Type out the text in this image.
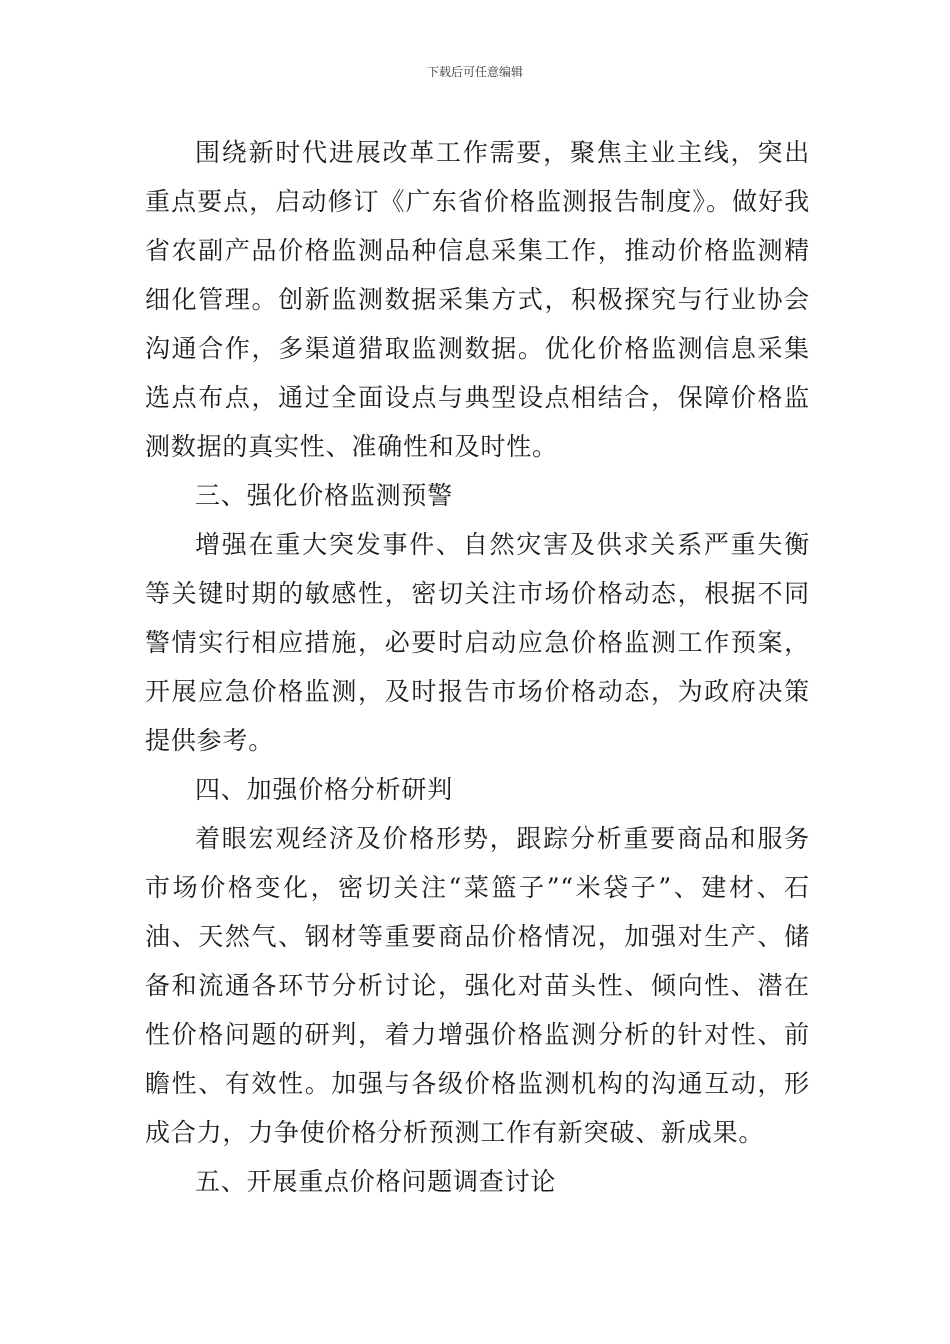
下载后可任意编辑

围绕新时代进展改革工作需要，聚焦主业主线，突出重点要点，启动修订《广东省价格监测报告制度》。做好我省农副产品价格监测品种信息采集工作，推动价格监测精细化管理。创新监测数据采集方式，积极探究与行业协会沟通合作，多渠道猎取监测数据。优化价格监测信息采集选点布点，通过全面设点与典型设点相结合，保障价格监测数据的真实性、准确性和及时性。

三、强化价格监测预警

增强在重大突发事件、自然灾害及供求关系严重失衡等关键时期的敏感性，密切关注市场价格动态，根据不同警情实行相应措施，必要时启动应急价格监测工作预案，开展应急价格监测，及时报告市场价格动态，为政府决策提供参考。

四、加强价格分析研判

着眼宏观经济及价格形势，跟踪分析重要商品和服务市场价格变化，密切关注“菜篮子”“米袋子”、建材、石油、天然气、钢材等重要商品价格情况，加强对生产、储备和流通各环节分析讨论，强化对苗头性、倾向性、潜在性价格问题的研判，着力增强价格监测分析的针对性、前瞻性、有效性。加强与各级价格监测机构的沟通互动，形成合力，力争使价格分析预测工作有新突破、新成果。

五、开展重点价格问题调查讨论
